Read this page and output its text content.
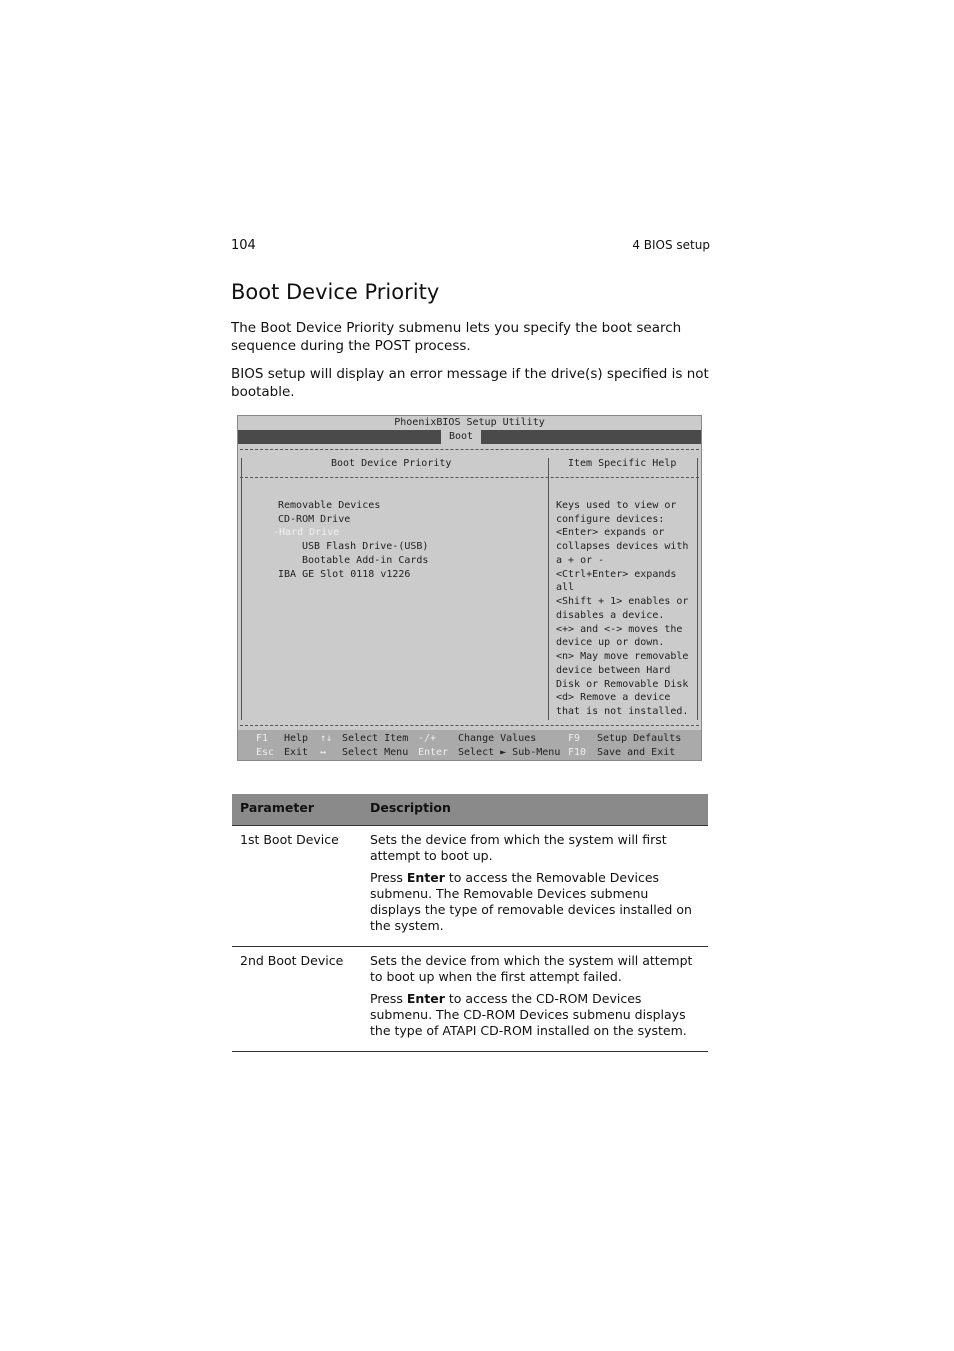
104	4 BIOS setup
Boot Device Priority

The Boot Device Priority submenu lets you specify the boot search sequence during the POST process.

BIOS setup will display an error message if the drive(s) specified is not bootable.

PhoenixBIOS Setup Utility
Boot
Boot Device Priority	Item Specific Help
Removable Devices
CD-ROM Drive
-Hard Drive
USB Flash Drive-(USB)
Bootable Add-in Cards
IBA GE Slot 0118 v1226
Keys used to view or
configure devices:
<Enter> expands or
collapses devices with
a + or -
<Ctrl+Enter> expands
all
<Shift + 1> enables or
disables a device.
<+> and <-> moves the
device up or down.
<n> May move removable
device between Hard
Disk or Removable Disk
<d> Remove a device
that is not installed.
F1 Help ↑↓ Select Item -/+ Change Values	F9 Setup Defaults
Esc Exit ↔ Select Menu Enter Select ► Sub-Menu F10 Save and Exit
Parameter	Description
1st Boot Device	Sets the device from which the system will first attempt to boot up.

Press Enter to access the Removable Devices submenu. The Removable Devices submenu displays the type of removable devices installed on the system.

2nd Boot Device	Sets the device from which the system will attempt to boot up when the first attempt failed.

Press Enter to access the CD-ROM Devices submenu. The CD-ROM Devices submenu displays the type of ATAPI CD-ROM installed on the system.
